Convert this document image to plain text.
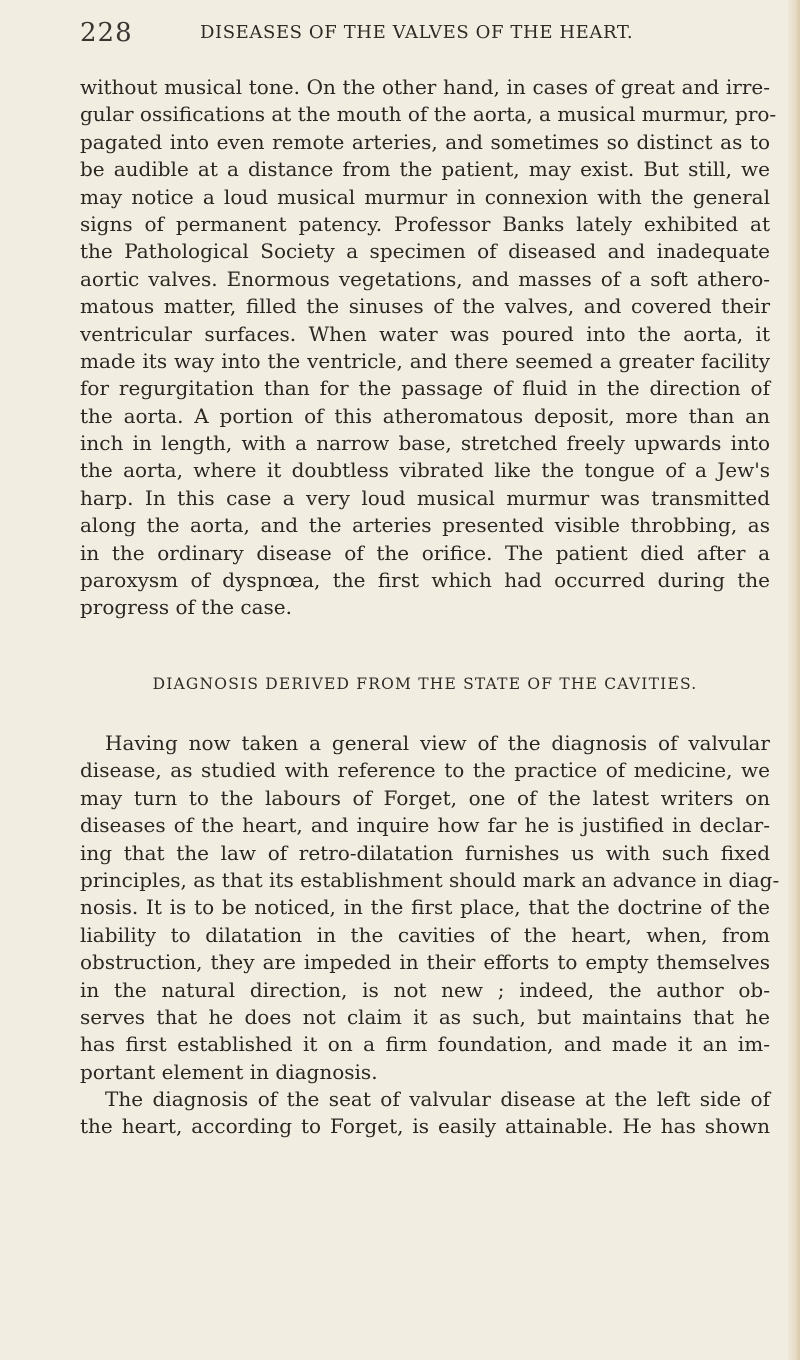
228	DISEASES OF THE VALVES OF THE HEART.
without musical tone. On the other hand, in cases of great and irre-
gular ossifications at the mouth of the aorta, a musical murmur, pro-
pagated into even remote arteries, and sometimes so distinct as to
be audible at a distance from the patient, may exist. But still, we
may notice a loud musical murmur in connexion with the general
signs of permanent patency. Professor Banks lately exhibited at
the Pathological Society a specimen of diseased and inadequate
aortic valves. Enormous vegetations, and masses of a soft athero-
matous matter, filled the sinuses of the valves, and covered their
ventricular surfaces. When water was poured into the aorta, it
made its way into the ventricle, and there seemed a greater facility
for regurgitation than for the passage of fluid in the direction of
the aorta. A portion of this atheromatous deposit, more than an
inch in length, with a narrow base, stretched freely upwards into
the aorta, where it doubtless vibrated like the tongue of a Jew's
harp. In this case a very loud musical murmur was transmitted
along the aorta, and the arteries presented visible throbbing, as
in the ordinary disease of the orifice. The patient died after a
paroxysm of dyspnœa, the first which had occurred during the
progress of the case.
DIAGNOSIS DERIVED FROM THE STATE OF THE CAVITIES.
Having now taken a general view of the diagnosis of valvular
disease, as studied with reference to the practice of medicine, we
may turn to the labours of Forget, one of the latest writers on
diseases of the heart, and inquire how far he is justified in declar-
ing that the law of retro-dilatation furnishes us with such fixed
principles, as that its establishment should mark an advance in diag-
nosis. It is to be noticed, in the first place, that the doctrine of the
liability to dilatation in the cavities of the heart, when, from
obstruction, they are impeded in their efforts to empty themselves
in the natural direction, is not new ; indeed, the author ob-
serves that he does not claim it as such, but maintains that he
has first established it on a firm foundation, and made it an im-
portant element in diagnosis.
The diagnosis of the seat of valvular disease at the left side of
the heart, according to Forget, is easily attainable. He has shown
